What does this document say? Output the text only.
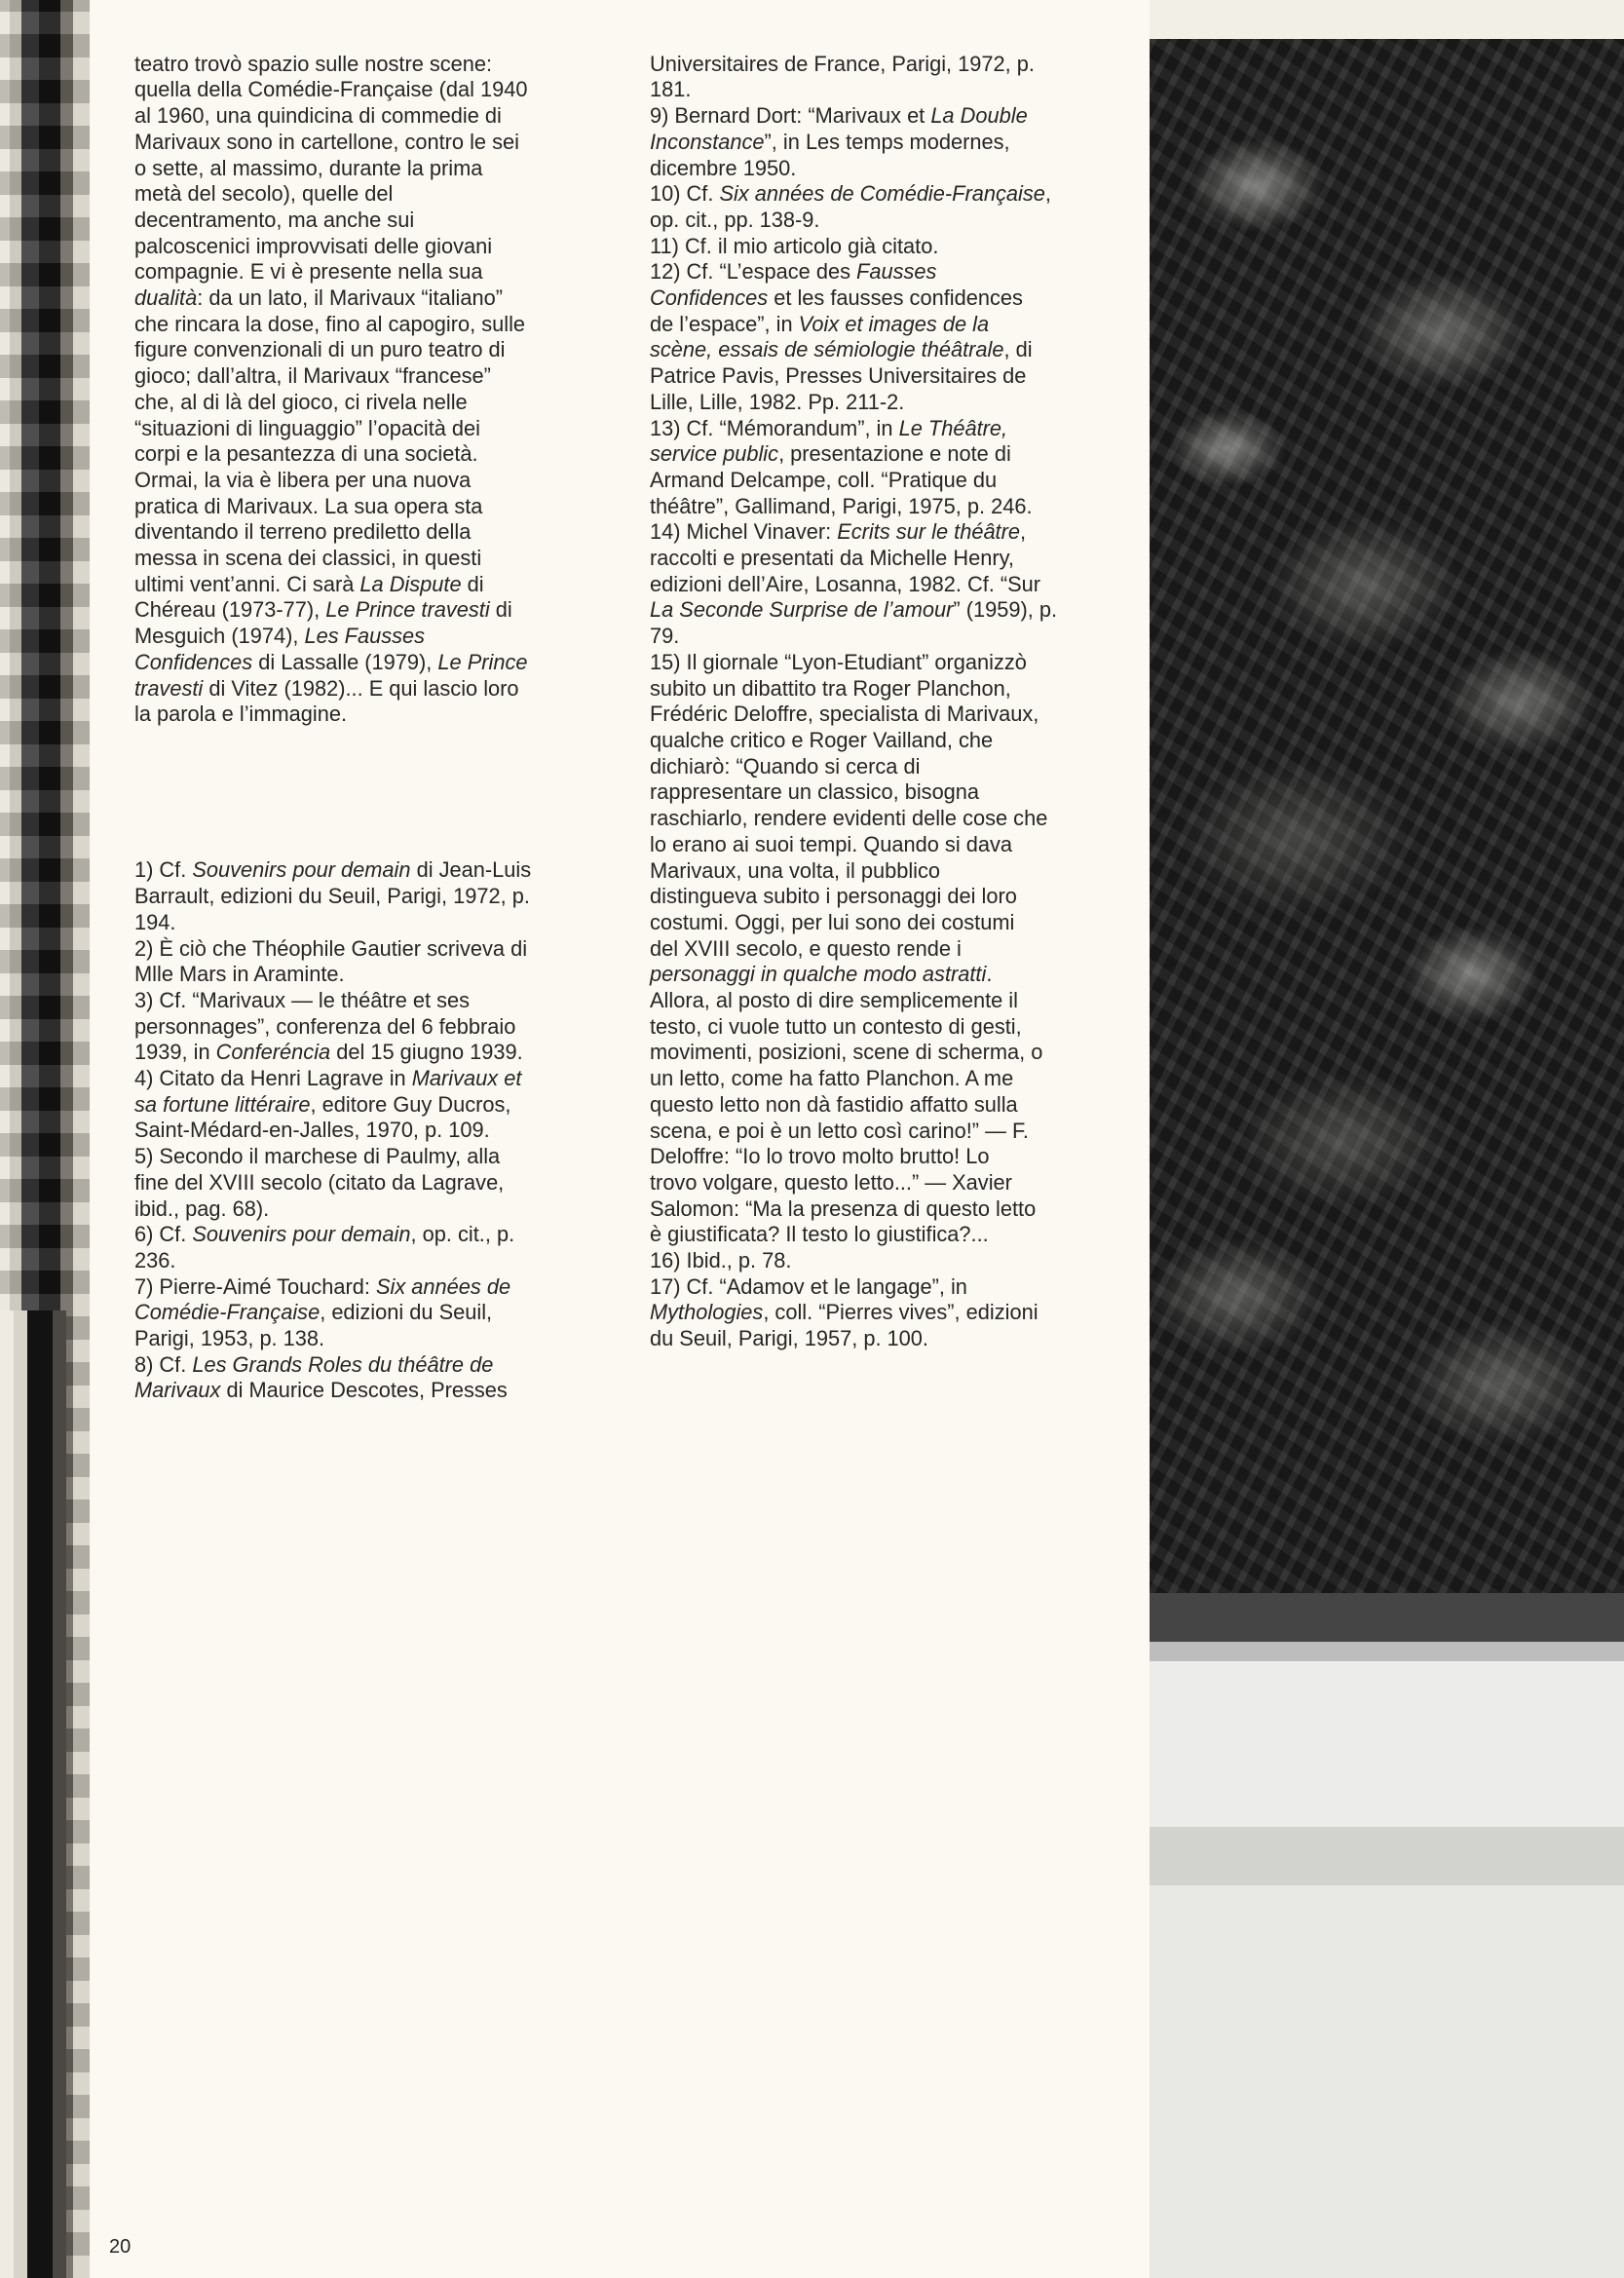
teatro trovò spazio sulle nostre scene:
quella della Comédie-Française (dal 1940
al 1960, una quindicina di commedie di
Marivaux sono in cartellone, contro le sei
o sette, al massimo, durante la prima
metà del secolo), quelle del
decentramento, ma anche sui
palcoscenici improvvisati delle giovani
compagnie. E vi è presente nella sua
dualità: da un lato, il Marivaux “italiano”
che rincara la dose, fino al capogiro, sulle
figure convenzionali di un puro teatro di
gioco; dall’altra, il Marivaux “francese”
che, al di là del gioco, ci rivela nelle
“situazioni di linguaggio” l’opacità dei
corpi e la pesantezza di una società.
Ormai, la via è libera per una nuova
pratica di Marivaux. La sua opera sta
diventando il terreno prediletto della
messa in scena dei classici, in questi
ultimi vent’anni. Ci sarà La Dispute di
Chéreau (1973-77), Le Prince travesti di
Mesguich (1974), Les Fausses
Confidences di Lassalle (1979), Le Prince
travesti di Vitez (1982)... E qui lascio loro
la parola e l’immagine.

1) Cf. Souvenirs pour demain di Jean-Luis
Barrault, edizioni du Seuil, Parigi, 1972, p.
194.
2) È ciò che Théophile Gautier scriveva di
Mlle Mars in Araminte.
3) Cf. “Marivaux — le théâtre et ses
personnages”, conferenza del 6 febbraio
1939, in Conferéncia del 15 giugno 1939.
4) Citato da Henri Lagrave in Marivaux et
sa fortune littéraire, editore Guy Ducros,
Saint-Médard-en-Jalles, 1970, p. 109.
5) Secondo il marchese di Paulmy, alla
fine del XVIII secolo (citato da Lagrave,
ibid., pag. 68).
6) Cf. Souvenirs pour demain, op. cit., p.
236.
7) Pierre-Aimé Touchard: Six années de
Comédie-Française, edizioni du Seuil,
Parigi, 1953, p. 138.
8) Cf. Les Grands Roles du théâtre de
Marivaux di Maurice Descotes, Presses

Universitaires de France, Parigi, 1972, p.
181.
9) Bernard Dort: “Marivaux et La Double
Inconstance”, in Les temps modernes,
dicembre 1950.
10) Cf. Six années de Comédie-Française,
op. cit., pp. 138-9.
11) Cf. il mio articolo già citato.
12) Cf. “L’espace des Fausses
Confidences et les fausses confidences
de l’espace”, in Voix et images de la
scène, essais de sémiologie théâtrale, di
Patrice Pavis, Presses Universitaires de
Lille, Lille, 1982. Pp. 211-2.
13) Cf. “Mémorandum”, in Le Théâtre,
service public, presentazione e note di
Armand Delcampe, coll. “Pratique du
théâtre”, Gallimand, Parigi, 1975, p. 246.
14) Michel Vinaver: Ecrits sur le théâtre,
raccolti e presentati da Michelle Henry,
edizioni dell’Aire, Losanna, 1982. Cf. “Sur
La Seconde Surprise de l’amour” (1959), p.
79.
15) Il giornale “Lyon-Etudiant” organizzò
subito un dibattito tra Roger Planchon,
Frédéric Deloffre, specialista di Marivaux,
qualche critico e Roger Vailland, che
dichiarò: “Quando si cerca di
rappresentare un classico, bisogna
raschiarlo, rendere evidenti delle cose che
lo erano ai suoi tempi. Quando si dava
Marivaux, una volta, il pubblico
distingueva subito i personaggi dei loro
costumi. Oggi, per lui sono dei costumi
del XVIII secolo, e questo rende i
personaggi in qualche modo astratti.
Allora, al posto di dire semplicemente il
testo, ci vuole tutto un contesto di gesti,
movimenti, posizioni, scene di scherma, o
un letto, come ha fatto Planchon. A me
questo letto non dà fastidio affatto sulla
scena, e poi è un letto così carino!” — F.
Deloffre: “Io lo trovo molto brutto! Lo
trovo volgare, questo letto...” — Xavier
Salomon: “Ma la presenza di questo letto
è giustificata? Il testo lo giustifica?...
16) Ibid., p. 78.
17) Cf. “Adamov et le langage”, in
Mythologies, coll. “Pierres vives”, edizioni
du Seuil, Parigi, 1957, p. 100.

20
